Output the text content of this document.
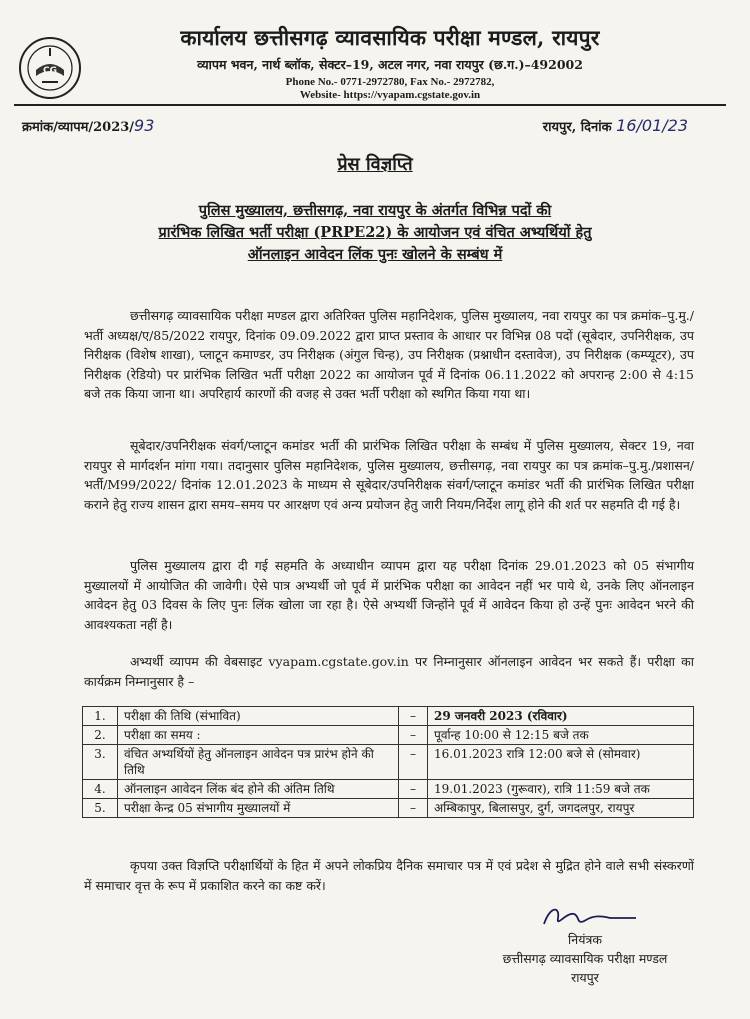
CG
कार्यालय छत्तीसगढ़ व्यावसायिक परीक्षा मण्डल, रायपुर
व्यापम भवन, नार्थ ब्लॉक, सेक्टर–19, अटल नगर, नवा रायपुर (छ.ग.)–492002
Phone No.- 0771-2972780, Fax No.- 2972782,
Website- https://vyapam.cgstate.gov.in
क्रमांक/व्यापम/2023/93	रायपुर, दिनांक 16/01/23
प्रेस विज्ञप्ति
पुलिस मुख्यालय, छत्तीसगढ़, नवा रायपुर के अंतर्गत विभिन्न पदों की
प्रारंभिक लिखित भर्ती परीक्षा (PRPE22) के आयोजन एवं वंचित अभ्यर्थियों हेतु
ऑनलाइन आवेदन लिंक पुनः खोलने के सम्बंध में
छत्तीसगढ़ व्यावसायिक परीक्षा मण्डल द्वारा अतिरिक्त पुलिस महानिदेशक, पुलिस मुख्यालय, नवा रायपुर का पत्र क्रमांक–पु.मु./भर्ती अध्यक्ष/ए/85/2022 रायपुर, दिनांक 09.09.2022 द्वारा प्राप्त प्रस्ताव के आधार पर विभिन्न 08 पदों (सूबेदार, उपनिरीक्षक, उप निरीक्षक (विशेष शाखा), प्लाटून कमाण्डर, उप निरीक्षक (अंगुल चिन्ह), उप निरीक्षक (प्रश्नाधीन दस्तावेज), उप निरीक्षक (कम्प्यूटर), उप निरीक्षक (रेडियो) पर प्रारंभिक लिखित भर्ती परीक्षा 2022 का आयोजन पूर्व में दिनांक 06.11.2022 को अपरान्ह 2:00 से 4:15 बजे तक किया जाना था। अपरिहार्य कारणों की वजह से उक्त भर्ती परीक्षा को स्थगित किया गया था।
सूबेदार/उपनिरीक्षक संवर्ग/प्लाटून कमांडर भर्ती की प्रारंभिक लिखित परीक्षा के सम्बंध में पुलिस मुख्यालय, सेक्टर 19, नवा रायपुर से मार्गदर्शन मांगा गया। तदानुसार पुलिस महानिदेशक, पुलिस मुख्यालय, छत्तीसगढ़, नवा रायपुर का पत्र क्रमांक–पु.मु./प्रशासन/भर्ती/M99/2022/ दिनांक 12.01.2023 के माध्यम से सूबेदार/उपनिरीक्षक संवर्ग/प्लाटून कमांडर भर्ती की प्रारंभिक लिखित परीक्षा कराने हेतु राज्य शासन द्वारा समय–समय पर आरक्षण एवं अन्य प्रयोजन हेतु जारी नियम/निर्देश लागू होने की शर्त पर सहमति दी गई है।
पुलिस मुख्यालय द्वारा दी गई सहमति के अध्याधीन व्यापम द्वारा यह परीक्षा दिनांक 29.01.2023 को 05 संभागीय मुख्यालयों में आयोजित की जावेगी। ऐसे पात्र अभ्यर्थी जो पूर्व में प्रारंभिक परीक्षा का आवेदन नहीं भर पाये थे, उनके लिए ऑनलाइन आवेदन हेतु 03 दिवस के लिए पुनः लिंक खोला जा रहा है। ऐसे अभ्यर्थी जिन्होंने पूर्व में आवेदन किया हो उन्हें पुनः आवेदन भरने की आवश्यकता नहीं है।
अभ्यर्थी व्यापम की वेबसाइट vyapam.cgstate.gov.in पर निम्नानुसार ऑनलाइन आवेदन भर सकते हैं। परीक्षा का कार्यक्रम निम्नानुसार है –
1.	परीक्षा की तिथि (संभावित)	–	29 जनवरी 2023 (रविवार)
2.	परीक्षा का समय :	–	पूर्वान्ह 10:00 से 12:15 बजे तक
3.	वंचित अभ्यर्थियों हेतु ऑनलाइन आवेदन पत्र प्रारंभ होने की तिथि	–	16.01.2023 रात्रि 12:00 बजे से (सोमवार)
4.	ऑनलाइन आवेदन लिंक बंद होने की अंतिम तिथि	–	19.01.2023 (गुरूवार), रात्रि 11:59 बजे तक
5.	परीक्षा केन्द्र 05 संभागीय मुख्यालयों में	–	अम्बिकापुर, बिलासपुर, दुर्ग, जगदलपुर, रायपुर
कृपया उक्त विज्ञप्ति परीक्षार्थियों के हित में अपने लोकप्रिय दैनिक समाचार पत्र में एवं प्रदेश से मुद्रित होने वाले सभी संस्करणों में समाचार वृत्त के रूप में प्रकाशित करने का कष्ट करें।
नियंत्रक
छत्तीसगढ़ व्यावसायिक परीक्षा मण्डल
रायपुर
